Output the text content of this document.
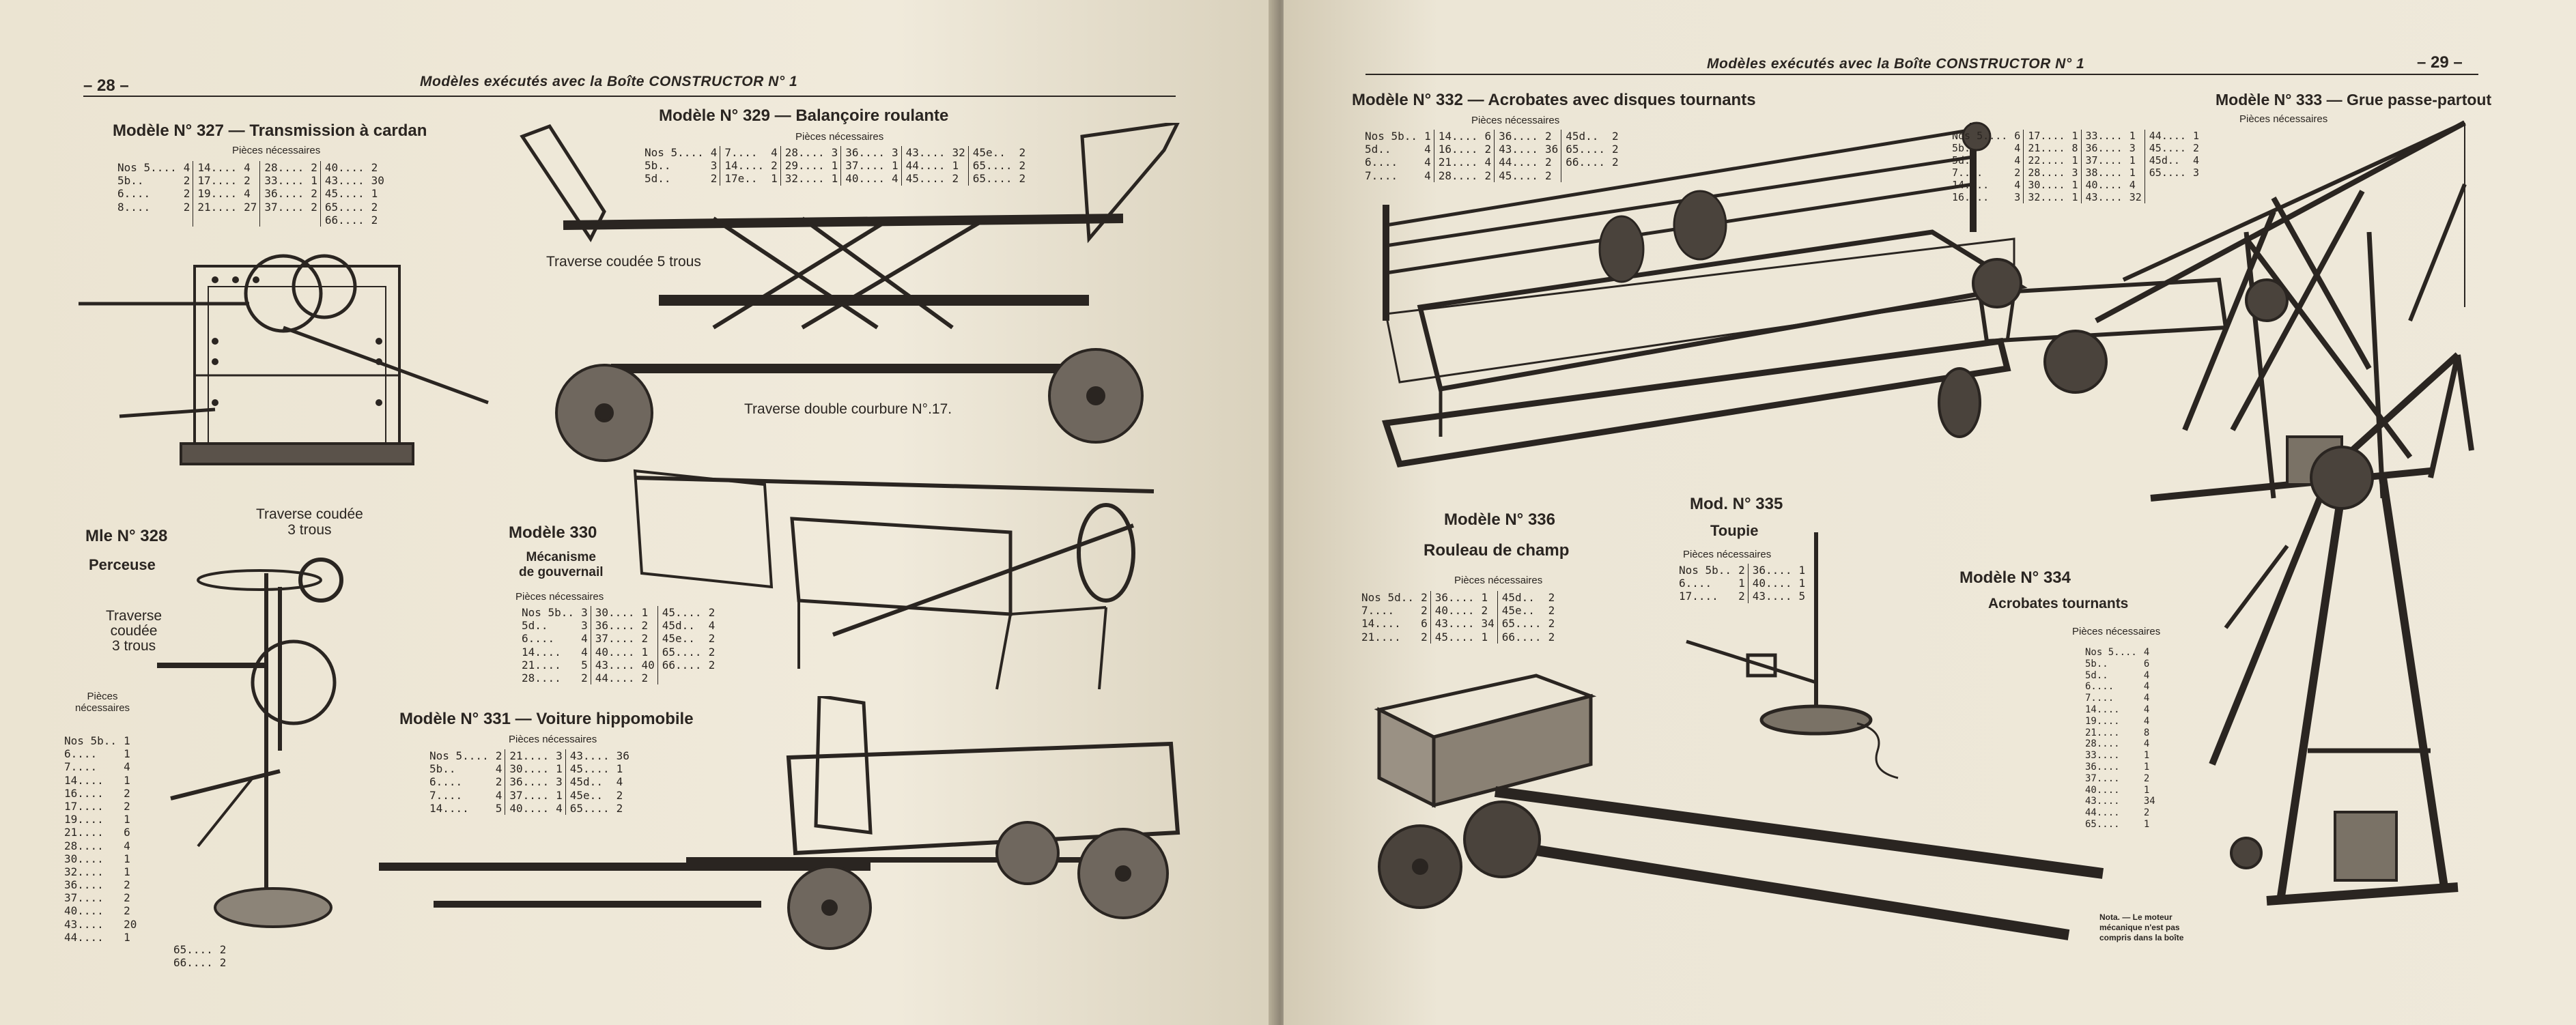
– 28 –	Modèles exécutés avec la Boîte CONSTRUCTOR N° 1
Modèle N° 327 — Transmission à cardan
Pièces nécessaires
Nos 5....	4	14....	4	28....	2	40....	2
5b..	2	17....	2	33....	1	43....	30
6....	2	19....	4	36....	2	45....	1
8....	2	21....	27	37....	2	65....	2
						66....	2
Traverse coudée
3 trous
Mle N° 328
Perceuse
Traverse
coudée
3 trous
Pièces
nécessaires
Nos 5b..	1
6....	1
7....	4
14....	1
16....	2
17....	2
19....	1
21....	6
28....	4
30....	1
32....	1
36....	2
37....	2
40....	2
43....	20
44....	1
65....	2
66....	2
Modèle N° 329 — Balançoire roulante
Pièces nécessaires
Nos 5....	4	7....	4	28....	3	36....	3	43....	32	45e..	2
5b..	3	14....	2	29....	1	37....	1	44....	1	65....	2
5d..	2	17e..	1	32....	1	40....	4	45....	2	65....	2
Traverse coudée 5 trous
Traverse double courbure N°.17.
Modèle 330
Mécanisme
de gouvernail
Pièces nécessaires
Nos 5b..	3	30....	1	45....	2
5d..	3	36....	2	45d..	4
6....	4	37....	2	45e..	2
14....	4	40....	1	65....	2
21....	5	43....	40	66....	2
28....	2	44....	2		
Modèle N° 331 — Voiture hippomobile
Pièces nécessaires
Nos 5....	2	21....	3	43....	36
5b..	4	30....	1	45....	1
6....	2	36....	3	45d..	4
7....	4	37....	1	45e..	2
14....	5	40....	4	65....	2
Modèles exécutés avec la Boîte CONSTRUCTOR N° 1	– 29 –
Modèle N° 332 — Acrobates avec disques tournants
Pièces nécessaires
Nos 5b..	1	14....	6	36....	2	45d..	2
5d..	4	16....	2	43....	36	65....	2
6....	4	21....	4	44....	2	66....	2
7....	4	28....	2	45....	2		
Modèle N° 333 — Grue passe-partout
Pièces nécessaires
Nos 5....	6	17....	1	33....	1	44....	1
5b..	4	21....	8	36....	3	45....	2
5d..	4	22....	1	37....	1	45d..	4
7....	2	28....	3	38....	1	65....	3
14....	4	30....	1	40....	4		
16....	3	32....	1	43....	32		
Modèle N° 336
Rouleau de champ
Pièces nécessaires
Nos 5d..	2	36....	1	45d..	2
7....	2	40....	2	45e..	2
14....	6	43....	34	65....	2
21....	2	45....	1	66....	2
Mod. N° 335
Toupie
Pièces nécessaires
Nos 5b..	2	36....	1
6....	1	40....	1
17....	2	43....	5
Modèle N° 334
Acrobates tournants
Pièces nécessaires
Nos 5....	4
5b..	6
5d..	4
6....	4
7....	4
14....	4
19....	4
21....	8
28....	4
33....	1
36....	1
37....	2
40....	1
43....	34
44....	2
65....	1
Nota. — Le moteur mécanique n'est pas compris dans la boîte
